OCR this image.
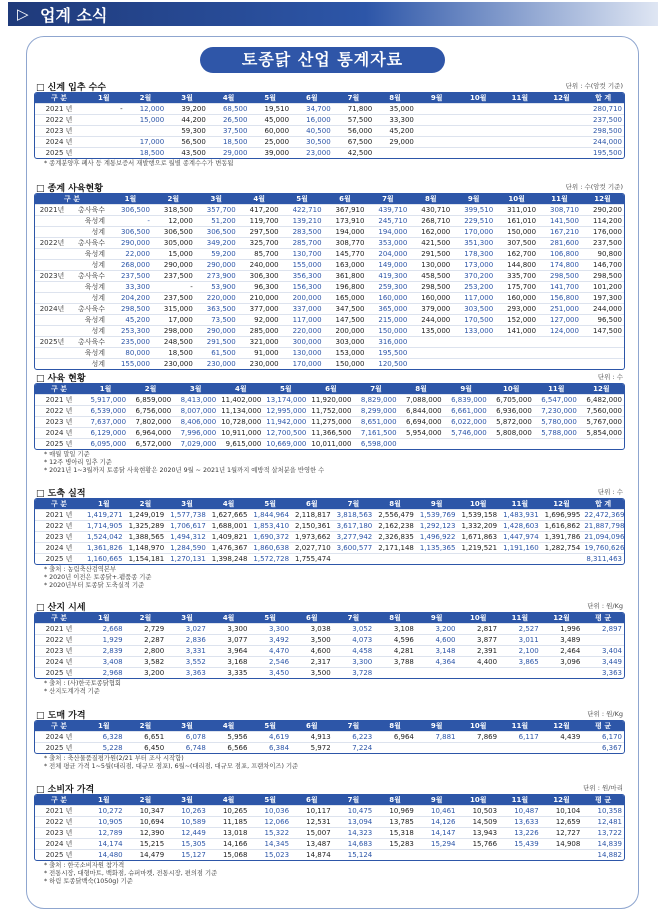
▷ 업계 소식
토종닭 산업 통계자료
□ 신계 입추 수수	단위 : 수(암컷 기준)
구 분	1월	2월	3월	4월	5월	6월	7월	8월	9월	10월	11월	12월	합 계
2021 년	-	12,000	39,200	68,500	19,510	34,700	71,800	35,000					280,710
2022 년		15,000	44,200	26,500	45,000	16,000	57,500	33,300					237,500
2023 년			59,300	37,500	60,000	40,500	56,000	45,200					298,500
2024 년		17,000	56,500	18,500	25,000	30,500	67,500	29,000					244,000
2025 년		18,500	43,500	29,000	39,000	23,000	42,500						195,500
* 종계분양후 폐사 등 계통보증서 재발행으로 월별 종계수수가 변동됨
□ 종계 사육현황	단위 : 수(암컷 기준)
구 분		1월	2월	3월	4월	5월	6월	7월	8월	9월	10월	11월	12월
2021년	총사육수	306,500	318,500	357,700	417,200	422,710	367,910	439,710	430,710	399,510	311,010	308,710	290,200
	육성계	-	12,000	51,200	119,700	139,210	173,910	245,710	268,710	229,510	161,010	141,500	114,200
	성계	306,500	306,500	306,500	297,500	283,500	194,000	194,000	162,000	170,000	150,000	167,210	176,000
2022년	총사육수	290,000	305,000	349,200	325,700	285,700	308,770	353,000	421,500	351,300	307,500	281,600	237,500
	육성계	22,000	15,000	59,200	85,700	130,700	145,770	204,000	291,500	178,300	162,700	106,800	90,800
	성계	268,000	290,000	290,000	240,000	155,000	163,000	149,000	130,000	173,000	144,800	174,800	146,700
2023년	총사육수	237,500	237,500	273,900	306,300	356,300	361,800	419,300	458,500	370,200	335,700	298,500	298,500
	육성계	33,300	-	53,900	96,300	156,300	196,800	259,300	298,500	253,200	175,700	141,700	101,200
	성계	204,200	237,500	220,000	210,000	200,000	165,000	160,000	160,000	117,000	160,000	156,800	197,300
2024년	총사육수	298,500	315,000	363,500	377,000	337,000	347,500	365,000	379,000	303,500	293,000	251,000	244,000
	육성계	45,200	17,000	73,500	92,000	117,000	147,500	215,000	244,000	170,500	152,000	127,000	96,500
	성계	253,300	298,000	290,000	285,000	220,000	200,000	150,000	135,000	133,000	141,000	124,000	147,500
2025년	총사육수	235,000	248,500	291,500	321,000	300,000	303,000	316,000					
	육성계	80,000	18,500	61,500	91,000	130,000	153,000	195,500					
	성계	155,000	230,000	230,000	230,000	170,000	150,000	120,500					
□ 사육 현황	단위 : 수
구 분	1월	2월	3월	4월	5월	6월	7월	8월	9월	10월	11월	12월
2021 년	5,917,000	6,859,000	8,413,000	11,402,000	13,174,000	11,920,000	8,829,000	7,088,000	6,839,000	6,705,000	6,547,000	6,482,000
2022 년	6,539,000	6,756,000	8,007,000	11,134,000	12,995,000	11,752,000	8,299,000	6,844,000	6,661,000	6,936,000	7,230,000	7,560,000
2023 년	7,637,000	7,802,000	8,406,000	10,728,000	11,942,000	11,275,000	8,651,000	6,694,000	6,022,000	5,872,000	5,780,000	5,767,000
2024 년	6,129,000	6,964,000	7,996,000	10,911,000	12,700,500	11,366,500	7,161,500	5,954,000	5,746,000	5,808,000	5,788,000	5,854,000
2025 년	6,095,000	6,572,000	7,029,000	9,615,000	10,669,000	10,011,000	6,598,000					
* 매월 말일 기준
* 12주 병아리 입추 기준
* 2021년 1~3월까지 토종닭 사육현황은 2020년 9월 ~ 2021년 1월까지 예방적 살처분을 반영한 수
□ 도축 실적	단위 : 수
구 분	1월	2월	3월	4월	5월	6월	7월	8월	9월	10월	11월	12월	합 계
2021 년	1,419,271	1,249,019	1,577,738	1,627,665	1,844,964	2,118,817	3,818,563	2,556,479	1,539,769	1,539,158	1,483,931	1,696,995	22,472,369
2022 년	1,714,905	1,325,289	1,706,617	1,688,001	1,853,410	2,150,361	3,617,180	2,162,238	1,292,123	1,332,209	1,428,603	1,616,862	21,887,798
2023 년	1,524,042	1,388,565	1,494,312	1,409,821	1,690,372	1,973,662	3,277,942	2,326,835	1,496,922	1,671,863	1,447,974	1,391,786	21,094,096
2024 년	1,361,826	1,148,970	1,284,590	1,476,367	1,860,638	2,027,710	3,600,577	2,171,148	1,135,365	1,219,521	1,191,160	1,282,754	19,760,626
2025 년	1,160,665	1,154,181	1,270,131	1,398,248	1,572,728	1,755,474							8,311,463
* 출처 : 농림축산검역본부
* 2020년 이전은 토종닭+.펨품종 기준
* 2020년부터 토종닭 도축실적 기준
□ 산지 시세	단위 : 원/Kg
구 분	1월	2월	3월	4월	5월	6월	7월	8월	9월	10월	11월	12월	평 균
2021 년	2,668	2,729	3,027	3,300	3,300	3,038	3,052	3,108	3,200	2,817	2,527	1,996	2,897
2022 년	1,929	2,287	2,836	3,077	3,492	3,500	4,073	4,596	4,600	3,877	3,011	3,489	
2023 년	2,839	2,800	3,331	3,964	4,470	4,600	4,458	4,281	3,148	2,391	2,100	2,464	3,404
2024 년	3,408	3,582	3,552	3,168	2,546	2,317	3,300	3,788	4,364	4,400	3,865	3,096	3,449
2025 년	2,968	3,200	3,363	3,335	3,450	3,500	3,728						3,363
* 출처 : (사)한국토종닭협회
* 산지도계가격 기준
□ 도매 가격	단위 : 원/Kg
구 분	1월	2월	3월	4월	5월	6월	7월	8월	9월	10월	11월	12월	평 균
2024 년	6,328	6,651	6,078	5,956	4,619	4,913	6,223	6,964	7,881	7,869	6,117	4,439	6,170
2025 년	5,228	6,450	6,748	6,566	6,384	5,972	7,224						6,367
* 출처 : 축산물품질평가원(2/21 부터 조사 시작함)
* 전체 평균 가격 1~5월(대리점, 대규모 점포), 6월~(대리점, 대규모 점포, 프랜차이즈) 기준
□ 소비자 가격	단위 : 원/마리
구 분	1월	2월	3월	4월	5월	6월	7월	8월	9월	10월	11월	12월	평 균
2021 년	10,272	10,347	10,263	10,265	10,036	10,117	10,475	10,969	10,461	10,503	10,487	10,104	10,358
2022 년	10,905	10,694	10,589	11,185	12,066	12,531	13,094	13,785	14,126	14,509	13,633	12,659	12,481
2023 년	12,789	12,390	12,449	13,018	15,322	15,007	14,323	15,318	14,147	13,943	13,226	12,727	13,722
2024 년	14,174	15,215	15,305	14,166	14,345	13,487	14,683	15,283	15,294	15,766	15,439	14,908	14,839
2025 년	14,480	14,479	15,127	15,068	15,023	14,874	15,124						14,882
* 출처 : 한국소비자원 참가격
* 전통시장, 대형마트, 백화점, 슈퍼마켓, 전통시장, 편의점 기준
* 하림 토종닭백숙(1050g) 기준
